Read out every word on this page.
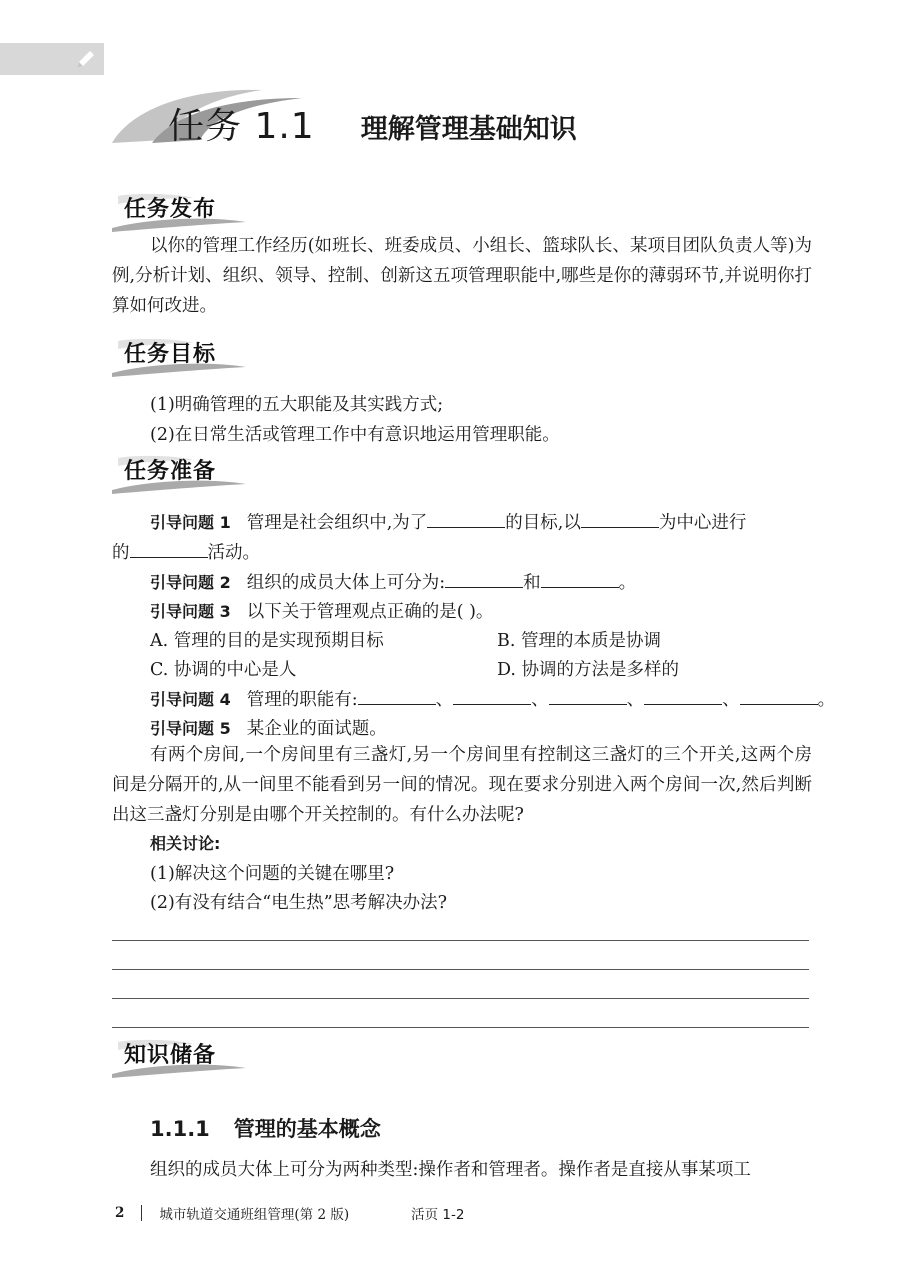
任务 1.1 理解管理基础知识
任务发布
以你的管理工作经历(如班长、班委成员、小组长、篮球队长、某项目团队负责人等)为例,分析计划、组织、领导、控制、创新这五项管理职能中,哪些是你的薄弱环节,并说明你打算如何改进。
任务目标
(1)明确管理的五大职能及其实践方式;
(2)在日常生活或管理工作中有意识地运用管理职能。
任务准备
引导问题 1 管理是社会组织中,为了	的目标,以	为中心进行
的	活动。
引导问题 2 组织的成员大体上可分为:	和	。
引导问题 3 以下关于管理观点正确的是( )。
A. 管理的目的是实现预期目标	B. 管理的本质是协调
C. 协调的中心是人	D. 协调的方法是多样的
引导问题 4 管理的职能有:	、	、	、	、	。
引导问题 5 某企业的面试题。
有两个房间,一个房间里有三盏灯,另一个房间里有控制这三盏灯的三个开关,这两个房间是分隔开的,从一间里不能看到另一间的情况。现在要求分别进入两个房间一次,然后判断出这三盏灯分别是由哪个开关控制的。有什么办法呢?
相关讨论:
(1)解决这个问题的关键在哪里?
(2)有没有结合“电生热”思考解决办法?
知识储备
1.1.1 管理的基本概念
组织的成员大体上可分为两种类型:操作者和管理者。操作者是直接从事某项工
2	城市轨道交通班组管理(第 2 版)	活页 1-2
